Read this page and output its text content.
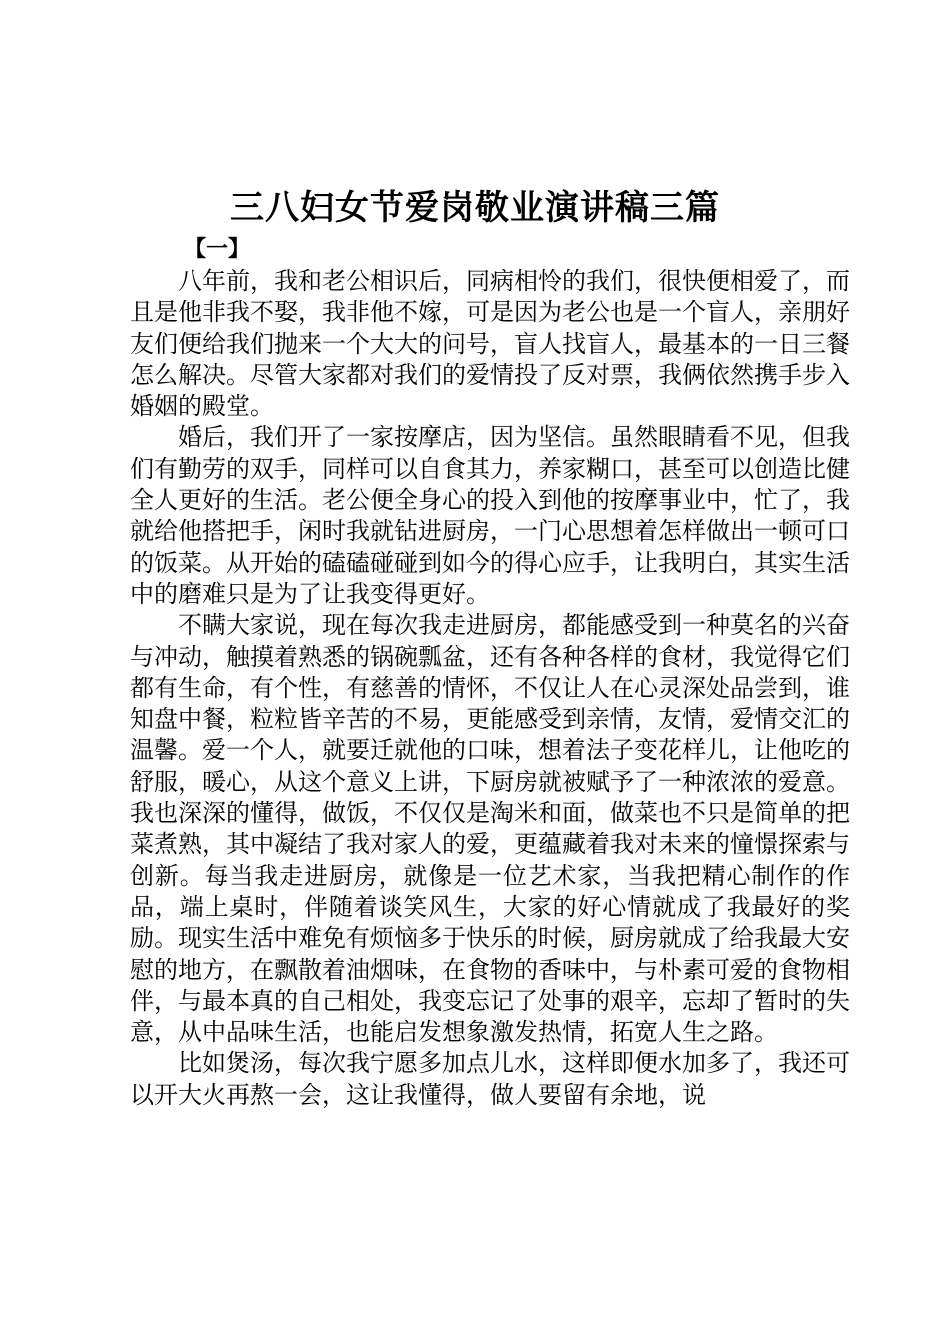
三八妇女节爱岗敬业演讲稿三篇
【一】

八年前，我和老公相识后，同病相怜的我们，很快便相爱了，而且是他非我不娶，我非他不嫁，可是因为老公也是一个盲人，亲朋好友们便给我们抛来一个大大的问号，盲人找盲人，最基本的一日三餐怎么解决。尽管大家都对我们的爱情投了反对票，我俩依然携手步入婚姻的殿堂。

婚后，我们开了一家按摩店，因为坚信。虽然眼睛看不见，但我们有勤劳的双手，同样可以自食其力，养家糊口，甚至可以创造比健全人更好的生活。老公便全身心的投入到他的按摩事业中，忙了，我就给他搭把手，闲时我就钻进厨房，一门心思想着怎样做出一顿可口的饭菜。从开始的磕磕碰碰到如今的得心应手，让我明白，其实生活中的磨难只是为了让我变得更好。

不瞒大家说，现在每次我走进厨房，都能感受到一种莫名的兴奋与冲动，触摸着熟悉的锅碗瓢盆，还有各种各样的食材，我觉得它们都有生命，有个性，有慈善的情怀，不仅让人在心灵深处品尝到，谁知盘中餐，粒粒皆辛苦的不易，更能感受到亲情，友情，爱情交汇的温馨。爱一个人，就要迁就他的口味，想着法子变花样儿，让他吃的舒服，暖心，从这个意义上讲，下厨房就被赋予了一种浓浓的爱意。我也深深的懂得，做饭，不仅仅是淘米和面，做菜也不只是简单的把菜煮熟，其中凝结了我对家人的爱，更蕴藏着我对未来的憧憬探索与创新。每当我走进厨房，就像是一位艺术家，当我把精心制作的作品，端上桌时，伴随着谈笑风生，大家的好心情就成了我最好的奖励。现实生活中难免有烦恼多于快乐的时候，厨房就成了给我最大安慰的地方，在飘散着油烟味，在食物的香味中，与朴素可爱的食物相伴，与最本真的自己相处，我变忘记了处事的艰辛，忘却了暂时的失意，从中品味生活，也能启发想象激发热情，拓宽人生之路。

比如煲汤，每次我宁愿多加点儿水，这样即便水加多了，我还可以开大火再熬一会，这让我懂得，做人要留有余地，说
